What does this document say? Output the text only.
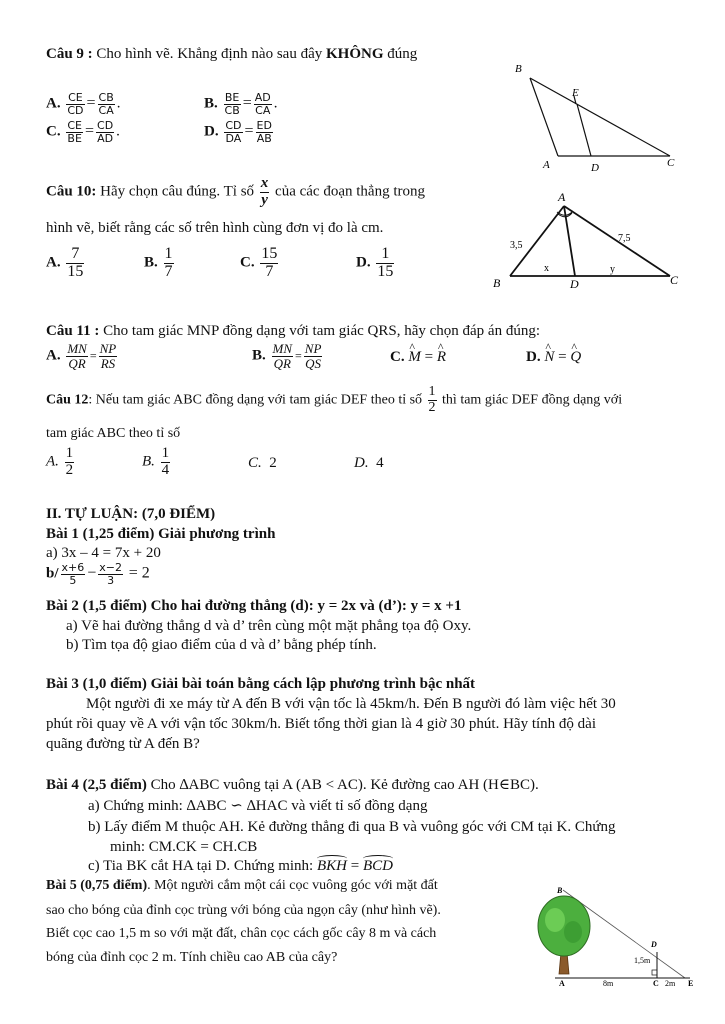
Câu 9 : Cho hình vẽ. Khẳng định nào sau đây KHÔNG đúng
A. $\frac{CE}{CD} = \frac{CB}{CA}$ .	B. $\frac{BE}{CB} = \frac{AD}{CA}$ .
C. $\frac{CE}{BE} = \frac{CD}{AD}$ .	D. $\frac{CD}{DA} = \frac{ED}{AB}$
B
E
A	D	C
Câu 10: Hãy chọn câu đúng. Tỉ số $\frac{x}{y}$ của các đoạn thẳng trong
hình vẽ, biết rằng các số trên hình cùng đơn vị đo là cm.
A. $\frac{7}{15}$	B. $\frac{1}{7}$	C. $\frac{15}{7}$	D. $\frac{1}{15}$
A
B	C
D
3,5
7,5
x	y
Câu 11 : Cho tam giác MNP đồng dạng với tam giác QRS, hãy chọn đáp án đúng:
A. $\frac{MN}{QR} = \frac{NP}{RS}$	B. $\frac{MN}{QR} = \frac{NP}{QS}$	C. ^ M = ^ R	D. ^ N = ^ Q
Câu 12: Nếu tam giác ABC đồng dạng với tam giác DEF theo tỉ số $\frac{1}{2}$ thì tam giác DEF đồng dạng với
tam giác ABC theo tỉ số
A. $\frac{1}{2}$	B. $\frac{1}{4}$	C. 2	D. 4
II. TỰ LUẬN: (7,0 ĐIỂM)
Bài 1 (1,25 điểm) Giải phương trình
a) 3x – 4 = 7x + 20
$b/ \frac{x+6}{5} - \frac{x-2}{3} = 2$
Bài 2 (1,5 điểm) Cho hai đường thẳng (d): y = 2x và (d’): y = x +1
a) Vẽ hai đường thẳng d và d’ trên cùng một mặt phẳng tọa độ Oxy.
b) Tìm tọa độ giao điểm của d và d’ bằng phép tính.
Bài 3 (1,0 điểm) Giải bài toán bằng cách lập phương trình bậc nhất
Một người đi xe máy từ A đến B với vận tốc là 45km/h. Đến B người đó làm việc hết 30
phút rồi quay về A với vận tốc 30km/h. Biết tổng thời gian là 4 giờ 30 phút. Hãy tính độ dài
quãng đường từ A đến B?
Bài 4 (2,5 điểm) Cho ∆ABC vuông tại A (AB < AC). Kẻ đường cao AH (H∈BC).
a) Chứng minh: ∆ABC ∽ ∆HAC và viết tỉ số đồng dạng
b) Lấy điểm M thuộc AH. Kẻ đường thẳng đi qua B và vuông góc với CM tại K. Chứng
minh: CM.CK = CH.CB
c) Tia BK cắt HA tại D. Chứng minh: BKH = BCD
Bài 5 (0,75 điểm). Một người cắm một cái cọc vuông góc với mặt đất
sao cho bóng của đỉnh cọc trùng với bóng của ngọn cây (như hình vẽ).
Biết cọc cao 1,5 m so với mặt đất, chân cọc cách gốc cây 8 m và cách
bóng của đỉnh cọc 2 m. Tính chiều cao AB của cây?
B
D
A	C	E
1,5m
8m	2m
